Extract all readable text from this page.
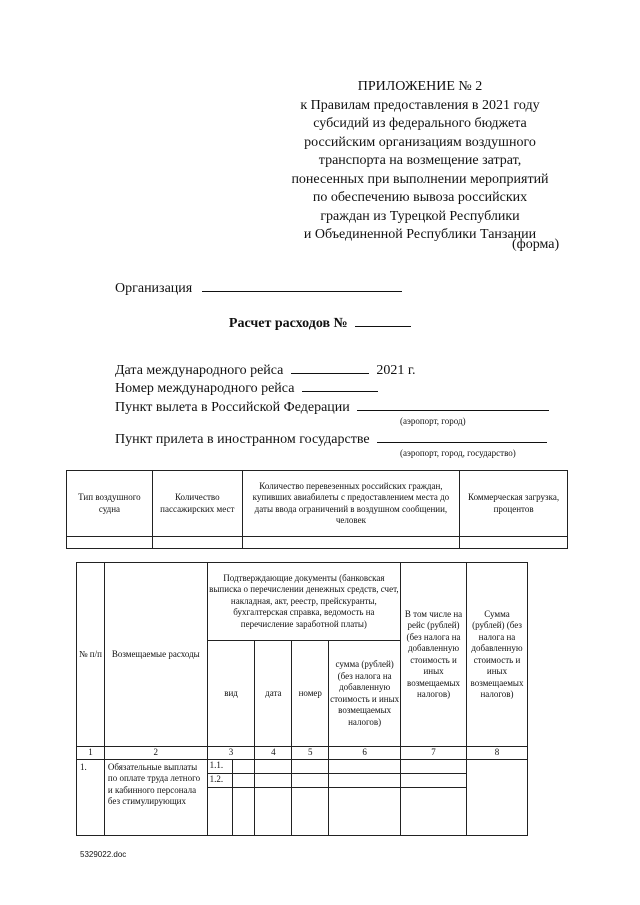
ПРИЛОЖЕНИЕ № 2
к Правилам предоставления в 2021 году
субсидий из федерального бюджета
российским организациям воздушного
транспорта на возмещение затрат,
понесенных при выполнении мероприятий
по обеспечению вывоза российских
граждан из Турецкой Республики
и Объединенной Республики Танзании
(форма)
Организация
Расчет расходов №
Дата международного рейса	2021 г.
Номер международного рейса
Пункт вылета в Российской Федерации
(аэропорт, город)
Пункт прилета в иностранном государстве
(аэропорт, город, государство)
Тип воздушного судна	Количество пассажирских мест	Количество перевезенных российских граждан, купивших авиабилеты с предоставлением места до даты ввода ограничений в воздушном сообщении, человек	Коммерческая загрузка, процентов

№ п/п	Возмещаемые расходы	Подтверждающие документы (банковская выписка о перечислении денежных средств, счет, накладная, акт, реестр, прейскуранты, бухгалтерская справка, ведомость на перечисление заработной платы)					В том числе на рейс (рублей) (без налога на добавленную стоимость и иных возмещаемых налогов)	Сумма (рублей) (без налога на добавленную стоимость и иных возмещаемых налогов)
		вид		дата	номер	сумма (рублей) (без налога на добавленную стоимость и иных возмещаемых налогов)		
1	2	3		4	5	6	7	8
1.	Обязательные выплаты по оплате труда летного и кабинного персонала без стимулирующих	1.1.						
		1.2.						

5329022.doc
